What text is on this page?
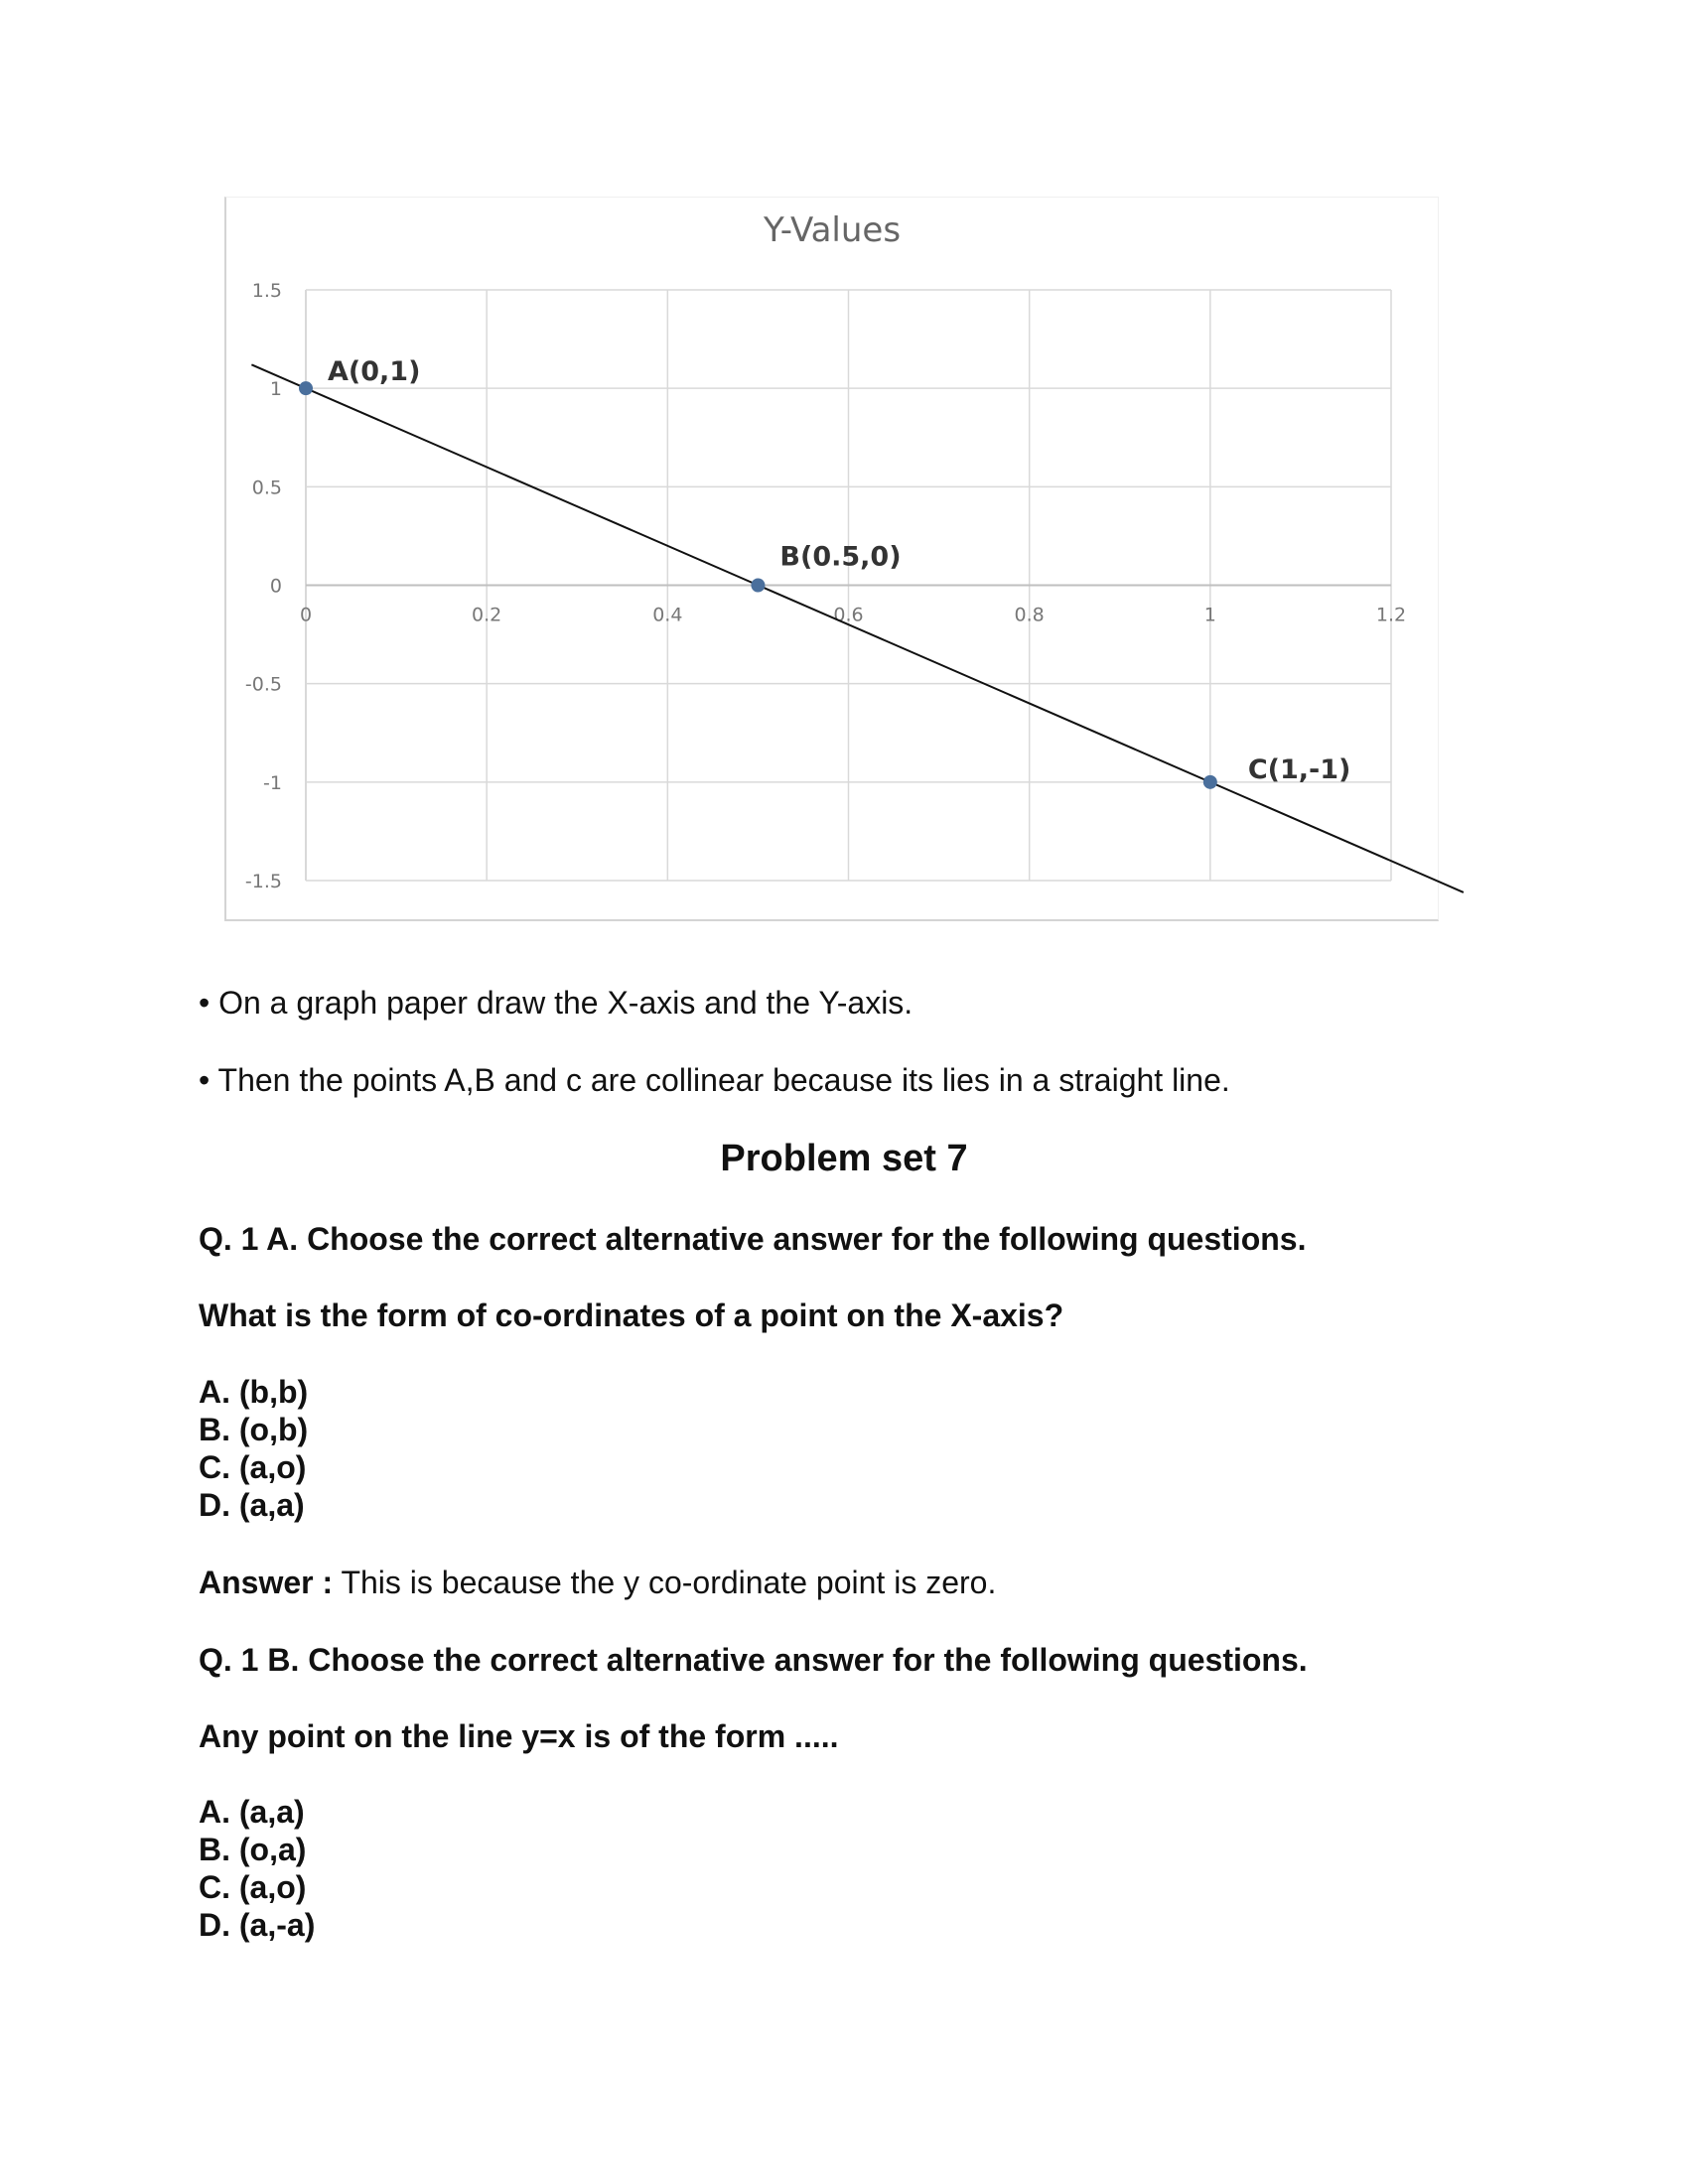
Y-Values
0	0.2	0.4	0.6	0.8	1	1.2
1.5
1
0.5
0
-0.5
-1
-1.5
A(0,1)
B(0.5,0)
C(1,-1)
• On a graph paper draw the X-axis and the Y-axis.
• Then the points A,B and c are collinear because its lies in a straight line.
Problem set 7
Q. 1 A. Choose the correct alternative answer for the following questions.
What is the form of co-ordinates of a point on the X-axis?
A. (b,b)
B. (o,b)
C. (a,o)
D. (a,a)
Answer : This is because the y co-ordinate point is zero.
Q. 1 B. Choose the correct alternative answer for the following questions.
Any point on the line y=x is of the form .....
A. (a,a)
B. (o,a)
C. (a,o)
D. (a,-a)
